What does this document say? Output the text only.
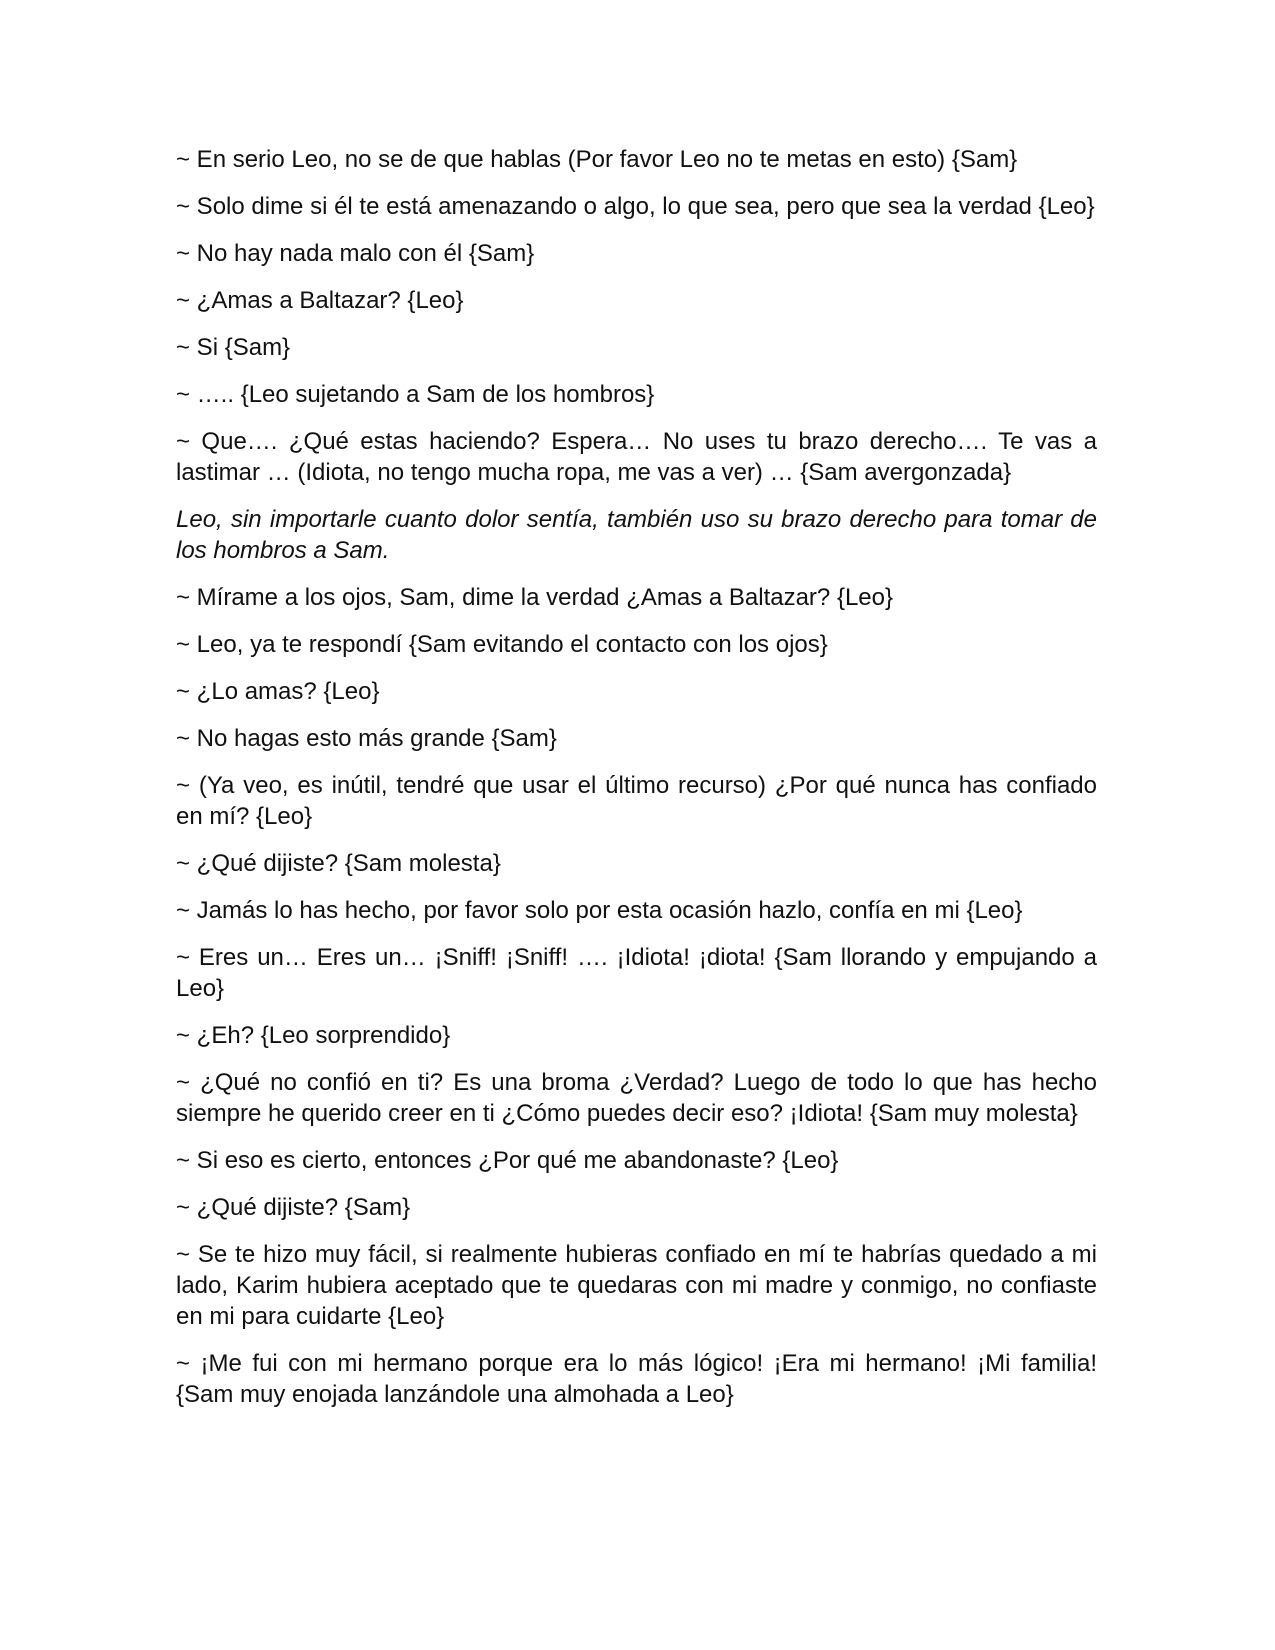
~ En serio Leo, no se de que hablas (Por favor Leo no te metas en esto) {Sam}

~ Solo dime si él te está amenazando o algo, lo que sea, pero que sea la verdad {Leo}

~ No hay nada malo con él {Sam}

~ ¿Amas a Baltazar? {Leo}

~ Si {Sam}

~ ….. {Leo sujetando a Sam de los hombros}

~ Que…. ¿Qué estas haciendo? Espera… No uses tu brazo derecho…. Te vas a lastimar … (Idiota, no tengo mucha ropa, me vas a ver) … {Sam avergonzada}

Leo, sin importarle cuanto dolor sentía, también uso su brazo derecho para tomar de los hombros a Sam.

~ Mírame a los ojos, Sam, dime la verdad ¿Amas a Baltazar? {Leo}

~ Leo, ya te respondí {Sam evitando el contacto con los ojos}

~ ¿Lo amas? {Leo}

~ No hagas esto más grande {Sam}

~ (Ya veo, es inútil, tendré que usar el último recurso) ¿Por qué nunca has confiado en mí? {Leo}

~ ¿Qué dijiste? {Sam molesta}

~ Jamás lo has hecho, por favor solo por esta ocasión hazlo, confía en mi {Leo}

~ Eres un… Eres un… ¡Sniff! ¡Sniff! …. ¡Idiota! ¡diota! {Sam llorando y empujando a Leo}

~ ¿Eh? {Leo sorprendido}

~ ¿Qué no confió en ti? Es una broma ¿Verdad? Luego de todo lo que has hecho siempre he querido creer en ti ¿Cómo puedes decir eso? ¡Idiota! {Sam muy molesta}

~ Si eso es cierto, entonces ¿Por qué me abandonaste? {Leo}

~ ¿Qué dijiste? {Sam}

~ Se te hizo muy fácil, si realmente hubieras confiado en mí te habrías quedado a mi lado, Karim hubiera aceptado que te quedaras con mi madre y conmigo, no confiaste en mi para cuidarte {Leo}

~ ¡Me fui con mi hermano porque era lo más lógico! ¡Era mi hermano! ¡Mi familia! {Sam muy enojada lanzándole una almohada a Leo}
